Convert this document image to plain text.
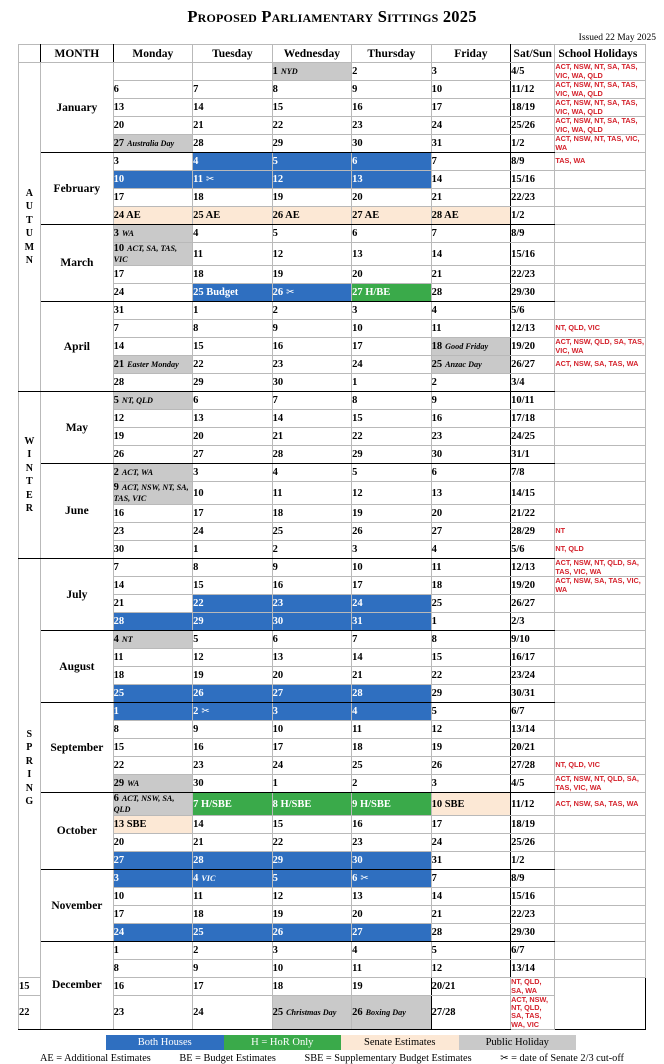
Proposed Parliamentary Sittings 2025
Issued 22 May 2025
	MONTH	Monday	Tuesday	Wednesday	Thursday	Friday	Sat/Sun	School Holidays

A
U
T
U
M
N
	January			1 NYD	2	3	4/5	ACT, NSW, NT, SA, TAS, VIC, WA, QLD
		6	7	8	9	10	11/12	ACT, NSW, NT, SA, TAS, VIC, WA, QLD
		13	14	15	16	17	18/19	ACT, NSW, NT, SA, TAS, VIC, WA, QLD
		20	21	22	23	24	25/26	ACT, NSW, NT, SA, TAS, VIC, WA, QLD
		27 Australia Day	28	29	30	31	1/2	ACT, NSW, NT, TAS, VIC, WA
	February	3	4	5	6	7	8/9	TAS, WA
		10	11 ✂	12	13	14	15/16	
		17	18	19	20	21	22/23	
		24 AE	25 AE	26 AE	27 AE	28 AE	1/2	
	March	3 WA	4	5	6	7	8/9	
		10 ACT, SA, TAS, VIC	11	12	13	14	15/16	
		17	18	19	20	21	22/23	
		24	25 Budget	26 ✂	27 H/BE	28	29/30	
	April	31	1	2	3	4	5/6	
		7	8	9	10	11	12/13	NT, QLD, VIC
		14	15	16	17	18 Good Friday	19/20	ACT, NSW, QLD, SA, TAS, VIC, WA
		21 Easter Monday	22	23	24	25 Anzac Day	26/27	ACT, NSW, SA, TAS, WA
		28	29	30	1	2	3/4	

W
I
N
T
E
R
	May	5 NT, QLD	6	7	8	9	10/11	
		12	13	14	15	16	17/18	
		19	20	21	22	23	24/25	
		26	27	28	29	30	31/1	
	June	2 ACT, WA	3	4	5	6	7/8	
		9 ACT, NSW, NT, SA, TAS, VIC	10	11	12	13	14/15	
		16	17	18	19	20	21/22	
		23	24	25	26	27	28/29	NT
		30	1	2	3	4	5/6	NT, QLD

S
P
R
I
N
G
	July	7	8	9	10	11	12/13	ACT, NSW, NT, QLD, SA, TAS, VIC, WA
		14	15	16	17	18	19/20	ACT, NSW, SA, TAS, VIC, WA
		21	22	23	24	25	26/27	
		28	29	30	31	1	2/3	
	August	4 NT	5	6	7	8	9/10	
		11	12	13	14	15	16/17	
		18	19	20	21	22	23/24	
		25	26	27	28	29	30/31	
	September	1	2 ✂	3	4	5	6/7	
		8	9	10	11	12	13/14	
		15	16	17	18	19	20/21	
		22	23	24	25	26	27/28	NT, QLD, VIC
		29 WA	30	1	2	3	4/5	ACT, NSW, NT, QLD, SA, TAS, VIC, WA
	October	6 ACT, NSW, SA, QLD	7 H/SBE	8 H/SBE	9 H/SBE	10 SBE	11/12	ACT, NSW, SA, TAS, WA
		13 SBE	14	15	16	17	18/19	
		20	21	22	23	24	25/26	
		27	28	29	30	31	1/2	
	November	3	4 VIC	5	6 ✂	7	8/9	
		10	11	12	13	14	15/16	
		17	18	19	20	21	22/23	
		24	25	26	27	28	29/30	
	December	1	2	3	4	5	6/7	
		8	9	10	11	12	13/14	
15		16	17	18	19	20/21	NT, QLD, SA, WA	
22		23	24	25 Christmas Day	26 Boxing Day	27/28	ACT, NSW, NT, QLD, SA, TAS, WA, VIC	
Both Houses	H = HoR Only	Senate Estimates	Public Holiday
AE = Additional Estimates	BE = Budget Estimates	SBE = Supplementary Budget Estimates	✂ = date of Senate 2/3 cut-off
